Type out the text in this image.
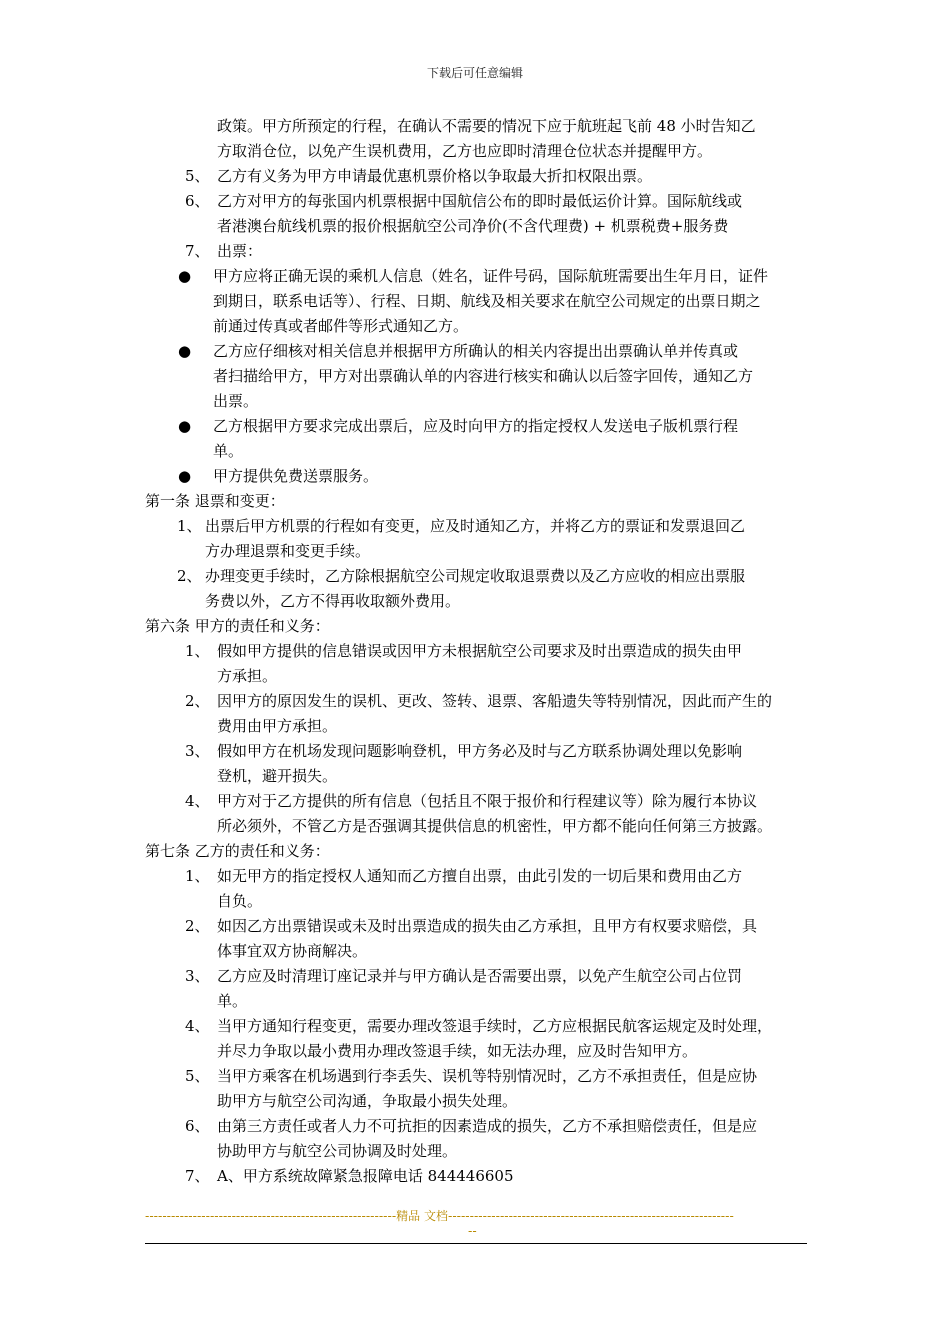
下载后可任意编辑
政策。甲方所预定的行程，在确认不需要的情况下应于航班起飞前 48 小时告知乙
方取消仓位，以免产生误机费用，乙方也应即时清理仓位状态并提醒甲方。
5、 乙方有义务为甲方申请最优惠机票价格以争取最大折扣权限出票。
6、 乙方对甲方的每张国内机票根据中国航信公布的即时最低运价计算。国际航线或
者港澳台航线机票的报价根据航空公司净价(不含代理费) + 机票税费+服务费
7、 出票：
● 甲方应将正确无误的乘机人信息（姓名，证件号码，国际航班需要出生年月日，证件
到期日，联系电话等）、行程、日期、航线及相关要求在航空公司规定的出票日期之
前通过传真或者邮件等形式通知乙方。
● 乙方应仔细核对相关信息并根据甲方所确认的相关内容提出出票确认单并传真或
者扫描给甲方，甲方对出票确认单的内容进行核实和确认以后签字回传，通知乙方
出票。
● 乙方根据甲方要求完成出票后，应及时向甲方的指定授权人发送电子版机票行程
单。
● 甲方提供免费送票服务。
第一条 退票和变更：
1、 出票后甲方机票的行程如有变更，应及时通知乙方，并将乙方的票证和发票退回乙
方办理退票和变更手续。
2、 办理变更手续时，乙方除根据航空公司规定收取退票费以及乙方应收的相应出票服
务费以外，乙方不得再收取额外费用。
第六条 甲方的责任和义务：
1、 假如甲方提供的信息错误或因甲方未根据航空公司要求及时出票造成的损失由甲
方承担。
2、 因甲方的原因发生的误机、更改、签转、退票、客船遗失等特别情况，因此而产生的
费用由甲方承担。
3、 假如甲方在机场发现问题影响登机，甲方务必及时与乙方联系协调处理以免影响
登机，避开损失。
4、 甲方对于乙方提供的所有信息（包括且不限于报价和行程建议等）除为履行本协议
所必须外，不管乙方是否强调其提供信息的机密性，甲方都不能向任何第三方披露。
第七条 乙方的责任和义务：
1、 如无甲方的指定授权人通知而乙方擅自出票，由此引发的一切后果和费用由乙方
自负。
2、 如因乙方出票错误或未及时出票造成的损失由乙方承担，且甲方有权要求赔偿，具
体事宜双方协商解决。
3、 乙方应及时清理订座记录并与甲方确认是否需要出票，以免产生航空公司占位罚
单。
4、 当甲方通知行程变更，需要办理改签退手续时，乙方应根据民航客运规定及时处理，
并尽力争取以最小费用办理改签退手续，如无法办理，应及时告知甲方。
5、 当甲方乘客在机场遇到行李丢失、误机等特别情况时，乙方不承担责任，但是应协
助甲方与航空公司沟通，争取最小损失处理。
6、 由第三方责任或者人力不可抗拒的因素造成的损失，乙方不承担赔偿责任，但是应
协助甲方与航空公司协调及时处理。
7、 A、甲方系统故障紧急报障电话 844446605
----------------------------------------------------------精品 文档------------------------------------------------------------------
--
